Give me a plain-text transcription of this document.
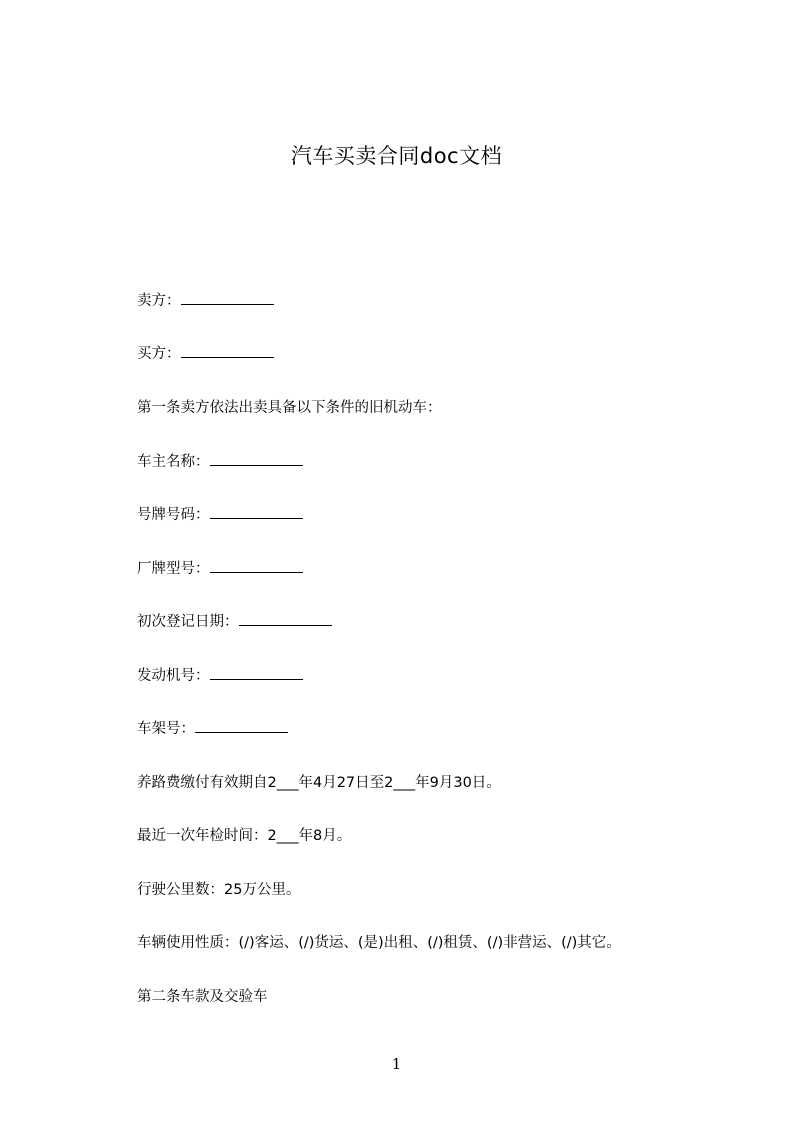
汽车买卖合同doc文档
卖方：
买方：
第一条卖方依法出卖具备以下条件的旧机动车：
车主名称：
号牌号码：
厂牌型号：
初次登记日期：
发动机号：
车架号：
养路费缴付有效期自2___年4月27日至2___年9月30日。
最近一次年检时间：2___年8月。
行驶公里数：25万公里。
车辆使用性质：(/)客运、(/)货运、(是)出租、(/)租赁、(/)非营运、(/)其它。
第二条车款及交验车
1
